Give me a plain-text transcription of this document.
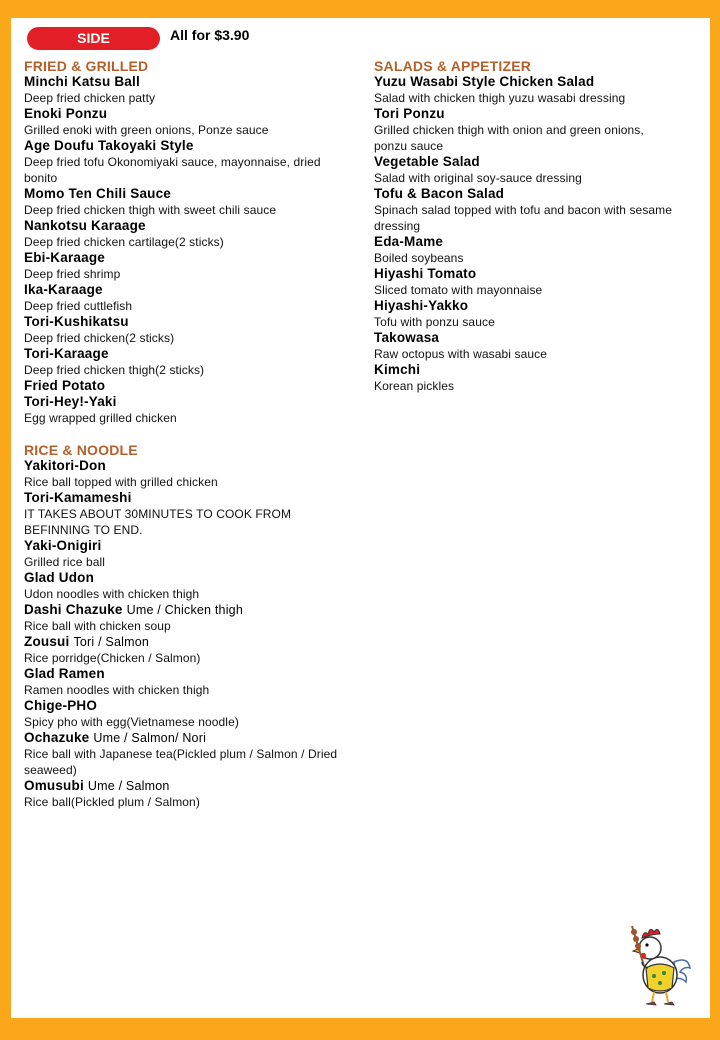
SIDE	All for $3.90
FRIED & GRILLED
Minchi Katsu Ball
Deep fried chicken patty
Enoki Ponzu
Grilled enoki with green onions, Ponze sauce
Age Doufu Takoyaki Style
Deep fried tofu Okonomiyaki sauce, mayonnaise, dried bonito
Momo Ten Chili Sauce
Deep fried chicken thigh with sweet chili sauce
Nankotsu Karaage
Deep fried chicken cartilage(2 sticks)
Ebi-Karaage
Deep fried shrimp
Ika-Karaage
Deep fried cuttlefish
Tori-Kushikatsu
Deep fried chicken(2 sticks)
Tori-Karaage
Deep fried chicken thigh(2 sticks)
Fried Potato
Tori-Hey!-Yaki
Egg wrapped grilled chicken
RICE & NOODLE
Yakitori-Don
Rice ball topped with grilled chicken
Tori-Kamameshi
IT TAKES ABOUT 30MINUTES TO COOK FROM BEFINNING TO END.
Yaki-Onigiri
Grilled rice ball
Glad Udon
Udon noodles with chicken thigh
Dashi Chazuke Ume / Chicken thigh
Rice ball with chicken soup
Zousui Tori / Salmon
Rice porridge(Chicken / Salmon)
Glad Ramen
Ramen noodles with chicken thigh
Chige-PHO
Spicy pho with egg(Vietnamese noodle)
Ochazuke Ume / Salmon/ Nori
Rice ball with Japanese tea(Pickled plum / Salmon / Dried seaweed)
Omusubi Ume / Salmon
Rice ball(Pickled plum / Salmon)
SALADS & APPETIZER
Yuzu Wasabi Style Chicken Salad
Salad with chicken thigh yuzu wasabi dressing
Tori Ponzu
Grilled chicken thigh with onion and green onions, ponzu sauce
Vegetable Salad
Salad with original soy-sauce dressing
Tofu & Bacon Salad
Spinach salad topped with tofu and bacon with sesame dressing
Eda-Mame
Boiled soybeans
Hiyashi Tomato
Sliced tomato with mayonnaise
Hiyashi-Yakko
Tofu with ponzu sauce
Takowasa
Raw octopus with wasabi sauce
Kimchi
Korean pickles
